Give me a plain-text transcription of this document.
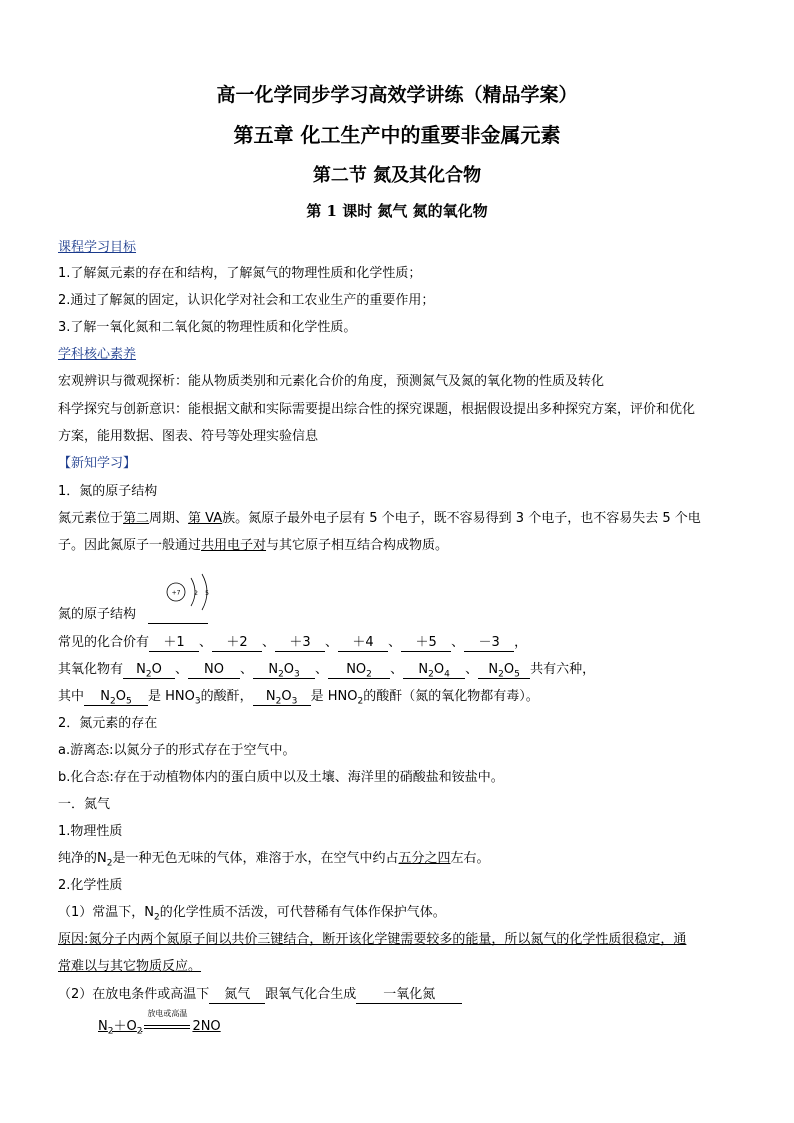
高一化学同步学习高效学讲练（精品学案）
第五章 化工生产中的重要非金属元素
第二节 氮及其化合物
第 1 课时 氮气 氮的氧化物
课程学习目标
1.了解氮元素的存在和结构，了解氮气的物理性质和化学性质；
2.通过了解氮的固定，认识化学对社会和工农业生产的重要作用；
3.了解一氧化氮和二氧化氮的物理性质和化学性质。
学科核心素养
宏观辨识与微观探析：能从物质类别和元素化合价的角度，预测氮气及氮的氧化物的性质及转化
科学探究与创新意识：能根据文献和实际需要提出综合性的探究课题，根据假设提出多种探究方案，评价和优化
方案，能用数据、图表、符号等处理实验信息
【新知学习】
1．氮的原子结构
氮元素位于第二周期、第 VA族。氮原子最外电子层有 5 个电子，既不容易得到 3 个电子，也不容易失去 5 个电
子。因此氮原子一般通过共用电子对与其它原子相互结合构成物质。
+7 2 5
氮的原子结构
常见的化合价有 ＋1 、 ＋2 、 ＋3 、 ＋4 、 ＋5 、 －3 ，
其氧化物有 $N_2O$ 、 NO 、 $N_2O_3$ 、 $NO_2$ 、 $N_2O_4$ 、 $N_2O_5$ 共有六种，
其中 $N_2O_5$ 是 $HNO_3$的酸酐， $N_2O_3$ 是 $HNO_2$的酸酐（氮的氧化物都有毒）。
2．氮元素的存在
a.游离态:以氮分子的形式存在于空气中。
b.化合态:存在于动植物体内的蛋白质中以及土壤、海洋里的硝酸盐和铵盐中。
一．氮气
1.物理性质
纯净的$N_2$是一种无色无味的气体，难溶于水，在空气中约占五分之四左右。
2.化学性质
（1）常温下，$N_2$的化学性质不活泼，可代替稀有气体作保护气体。
原因:氮分子内两个氮原子间以共价三键结合，断开该化学键需要较多的能量，所以氮气的化学性质很稳定，通
常难以与其它物质反应。
（2）在放电条件或高温下 氮气 跟氧气化合生成 一氧化氮
$N_2+O_2$
放电或高温
2NO
